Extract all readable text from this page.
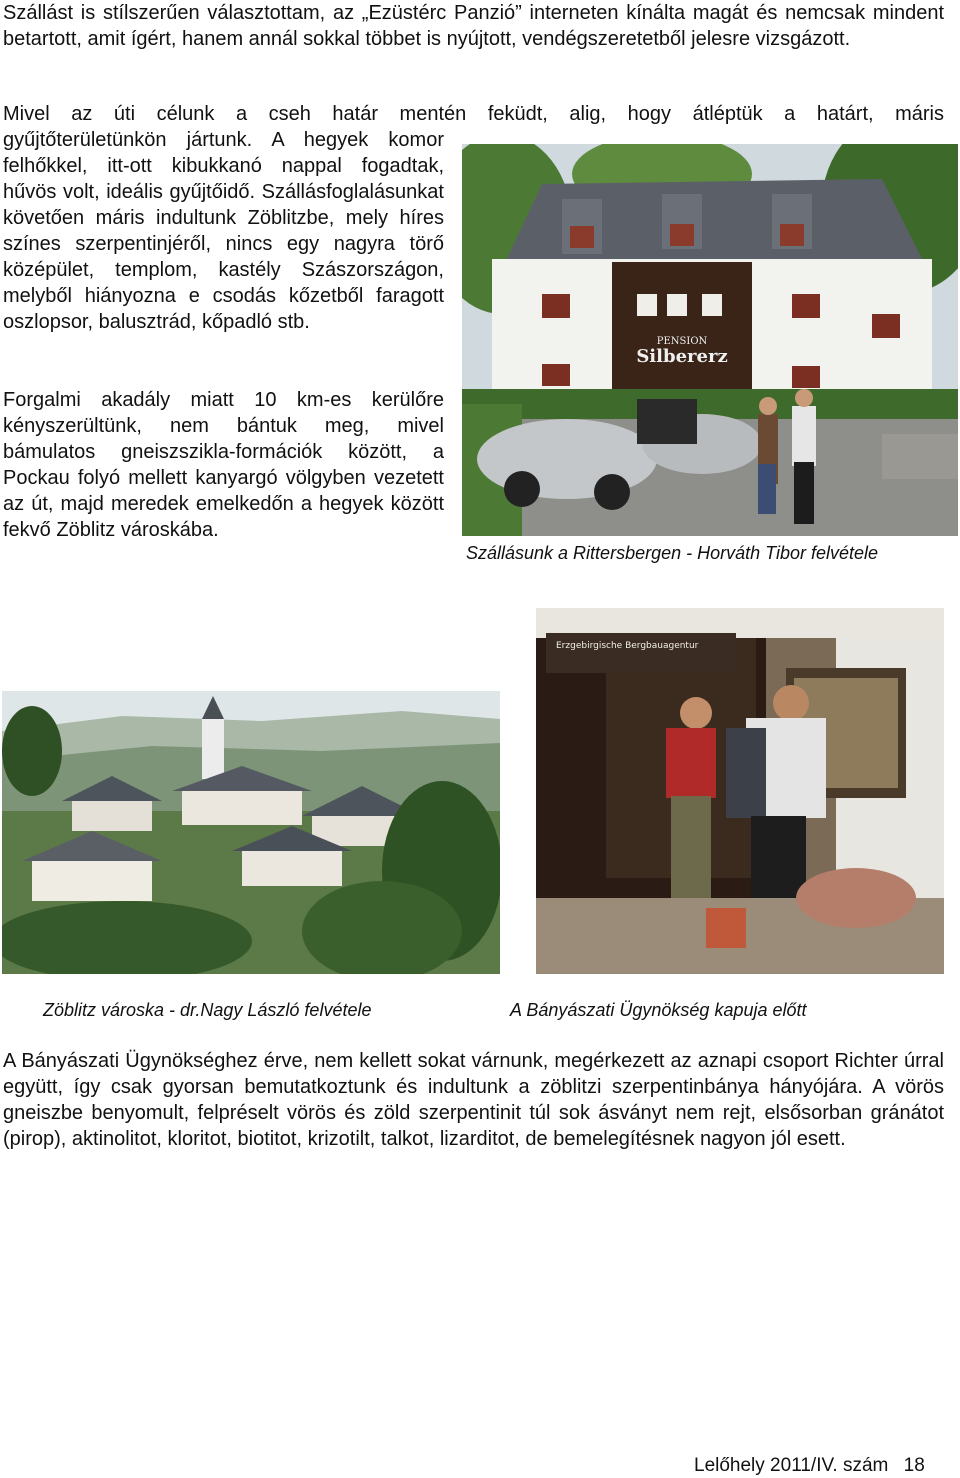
Szállást is stílszerűen választottam, az „Ezüstérc Panzió” interneten kínálta magát és nemcsak mindent betartott, amit ígért, hanem annál sokkal többet is nyújtott, vendégszeretetből jelesre vizsgázott.

Mivel az úti célunk a cseh határ mentén feküdt, alig, hogy átléptük a határt, máris

gyűjtőterületünkön jártunk. A hegyek komor felhőkkel, itt-ott kibukkanó nappal fogadtak, hűvös volt, ideális gyűjtőidő. Szállásfoglalásunkat követően máris indultunk Zöblitzbe, mely híres színes szerpentinjéről, nincs egy nagyra törő középület, templom, kastély Szászországon, melyből hiányozna e csodás kőzetből faragott oszlopsor, balusztrád, kőpadló stb.

Forgalmi akadály miatt 10 km-es kerülőre kényszerültünk, nem bántuk meg, mivel bámulatos gneiszszikla-formációk között, a Pockau folyó mellett kanyargó völgyben vezetett az út, majd meredek emelkedőn a hegyek között fekvő Zöblitz városkába.

PENSION
Silbererz

Szállásunk a Rittersbergen - Horváth Tibor felvétele

Zöblitz városka - dr.Nagy László felvétele

Erzgebirgische Bergbauagentur

A Bányászati Ügynökség kapuja előtt

A Bányászati Ügynökséghez érve, nem kellett sokat várnunk, megérkezett az aznapi csoport Richter úrral együtt, így csak gyorsan bemutatkoztunk és indultunk a zöblitzi szerpentinbánya hányójára. A vörös gneiszbe benyomult, felpréselt vörös és zöld szerpentinit túl sok ásványt nem rejt, elsősorban gránátot (pirop), aktinolitot, kloritot, biotitot, krizotilt, talkot, lizarditot, de bemelegítésnek nagyon jól esett.

Lelőhely 2011/IV. szám 18
